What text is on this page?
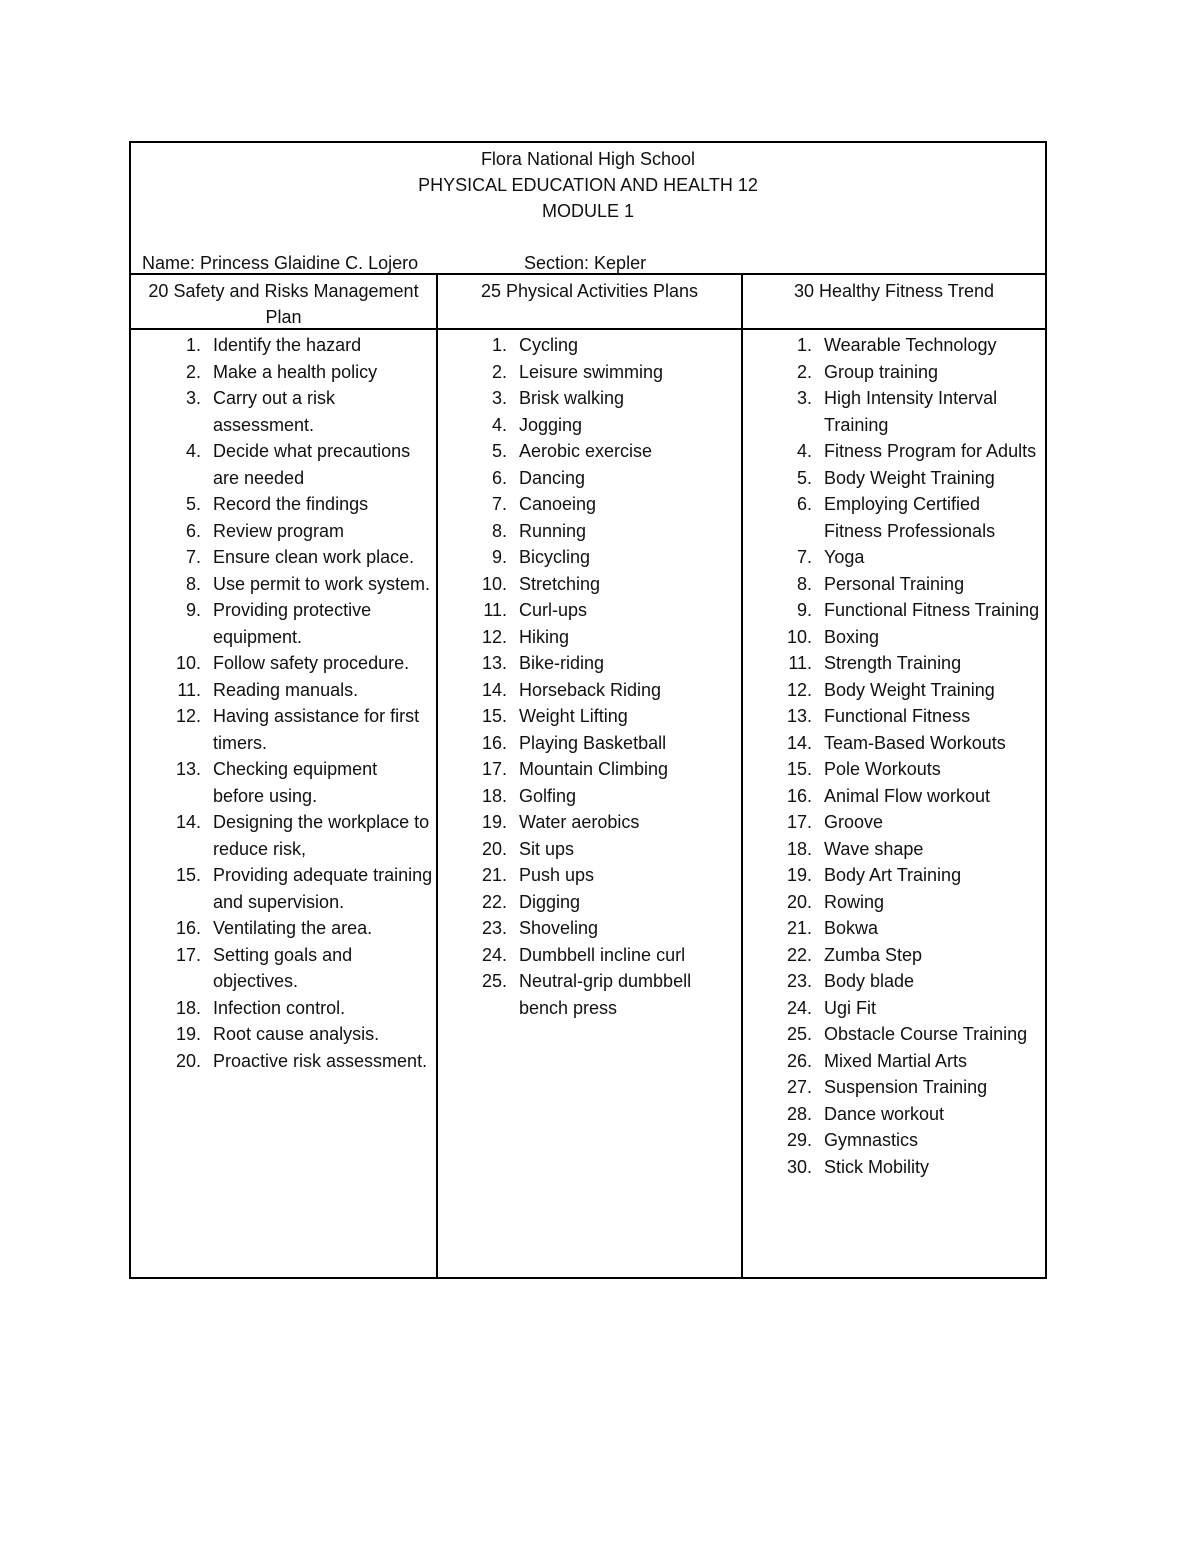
Flora National High School
PHYSICAL EDUCATION AND HEALTH 12
MODULE 1
Name: Princess Glaidine C. Lojero	Section: Kepler
20 Safety and Risks Management Plan
25 Physical Activities Plans	30 Healthy Fitness Trend
1. Identify the hazard
2. Make a health policy
3. Carry out a risk assessment.
4. Decide what precautions are needed
5. Record the findings
6. Review program
7. Ensure clean work place.
8. Use permit to work system.
9. Providing protective equipment.
10. Follow safety procedure.
11. Reading manuals.
12. Having assistance for first timers.
13. Checking equipment before using.
14. Designing the workplace to reduce risk,
15. Providing adequate training and supervision.
16. Ventilating the area.
17. Setting goals and objectives.
18. Infection control.
19. Root cause analysis.
20. Proactive risk assessment.
1. Cycling
2. Leisure swimming
3. Brisk walking
4. Jogging
5. Aerobic exercise
6. Dancing
7. Canoeing
8. Running
9. Bicycling
10. Stretching
11. Curl-ups
12. Hiking
13. Bike-riding
14. Horseback Riding
15. Weight Lifting
16. Playing Basketball
17. Mountain Climbing
18. Golfing
19. Water aerobics
20. Sit ups
21. Push ups
22. Digging
23. Shoveling
24. Dumbbell incline curl
25. Neutral-grip dumbbell bench press
1. Wearable Technology
2. Group training
3. High Intensity Interval Training
4. Fitness Program for Adults
5. Body Weight Training
6. Employing Certified Fitness Professionals
7. Yoga
8. Personal Training
9. Functional Fitness Training
10. Boxing
11. Strength Training
12. Body Weight Training
13. Functional Fitness
14. Team-Based Workouts
15. Pole Workouts
16. Animal Flow workout
17. Groove
18. Wave shape
19. Body Art Training
20. Rowing
21. Bokwa
22. Zumba Step
23. Body blade
24. Ugi Fit
25. Obstacle Course Training
26. Mixed Martial Arts
27. Suspension Training
28. Dance workout
29. Gymnastics
30. Stick Mobility
